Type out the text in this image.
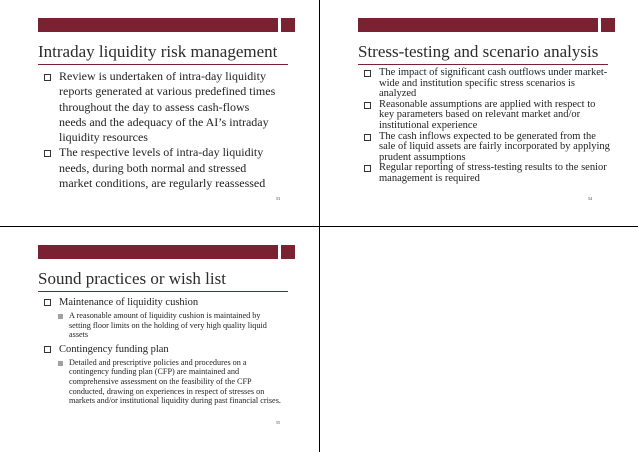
Intraday liquidity risk management
Review is undertaken of intra-day liquidity reports generated at various predefined times throughout the day to assess cash-flows needs and the adequacy of the AI’s intraday liquidity resources
The respective levels of intra-day liquidity needs, during both normal and stressed market conditions, are regularly reassessed
53
Stress-testing and scenario analysis
The impact of significant cash outflows under market-wide and institution specific stress scenarios is analyzed
Reasonable assumptions are applied with respect to key parameters based on relevant market and/or institutional experience
The cash inflows expected to be generated from the sale of liquid assets are fairly incorporated by applying prudent assumptions
Regular reporting of stress-testing results to the senior management is required
54
Sound practices or wish list
Maintenance of liquidity cushion
A reasonable amount of liquidity cushion is maintained by setting floor limits on the holding of very high quality liquid assets
Contingency funding plan
Detailed and prescriptive policies and procedures on a contingency funding plan (CFP) are maintained and comprehensive assessment on the feasibility of the CFP conducted, drawing on experiences in respect of stresses on markets and/or institutional liquidity during past financial crises.
55
